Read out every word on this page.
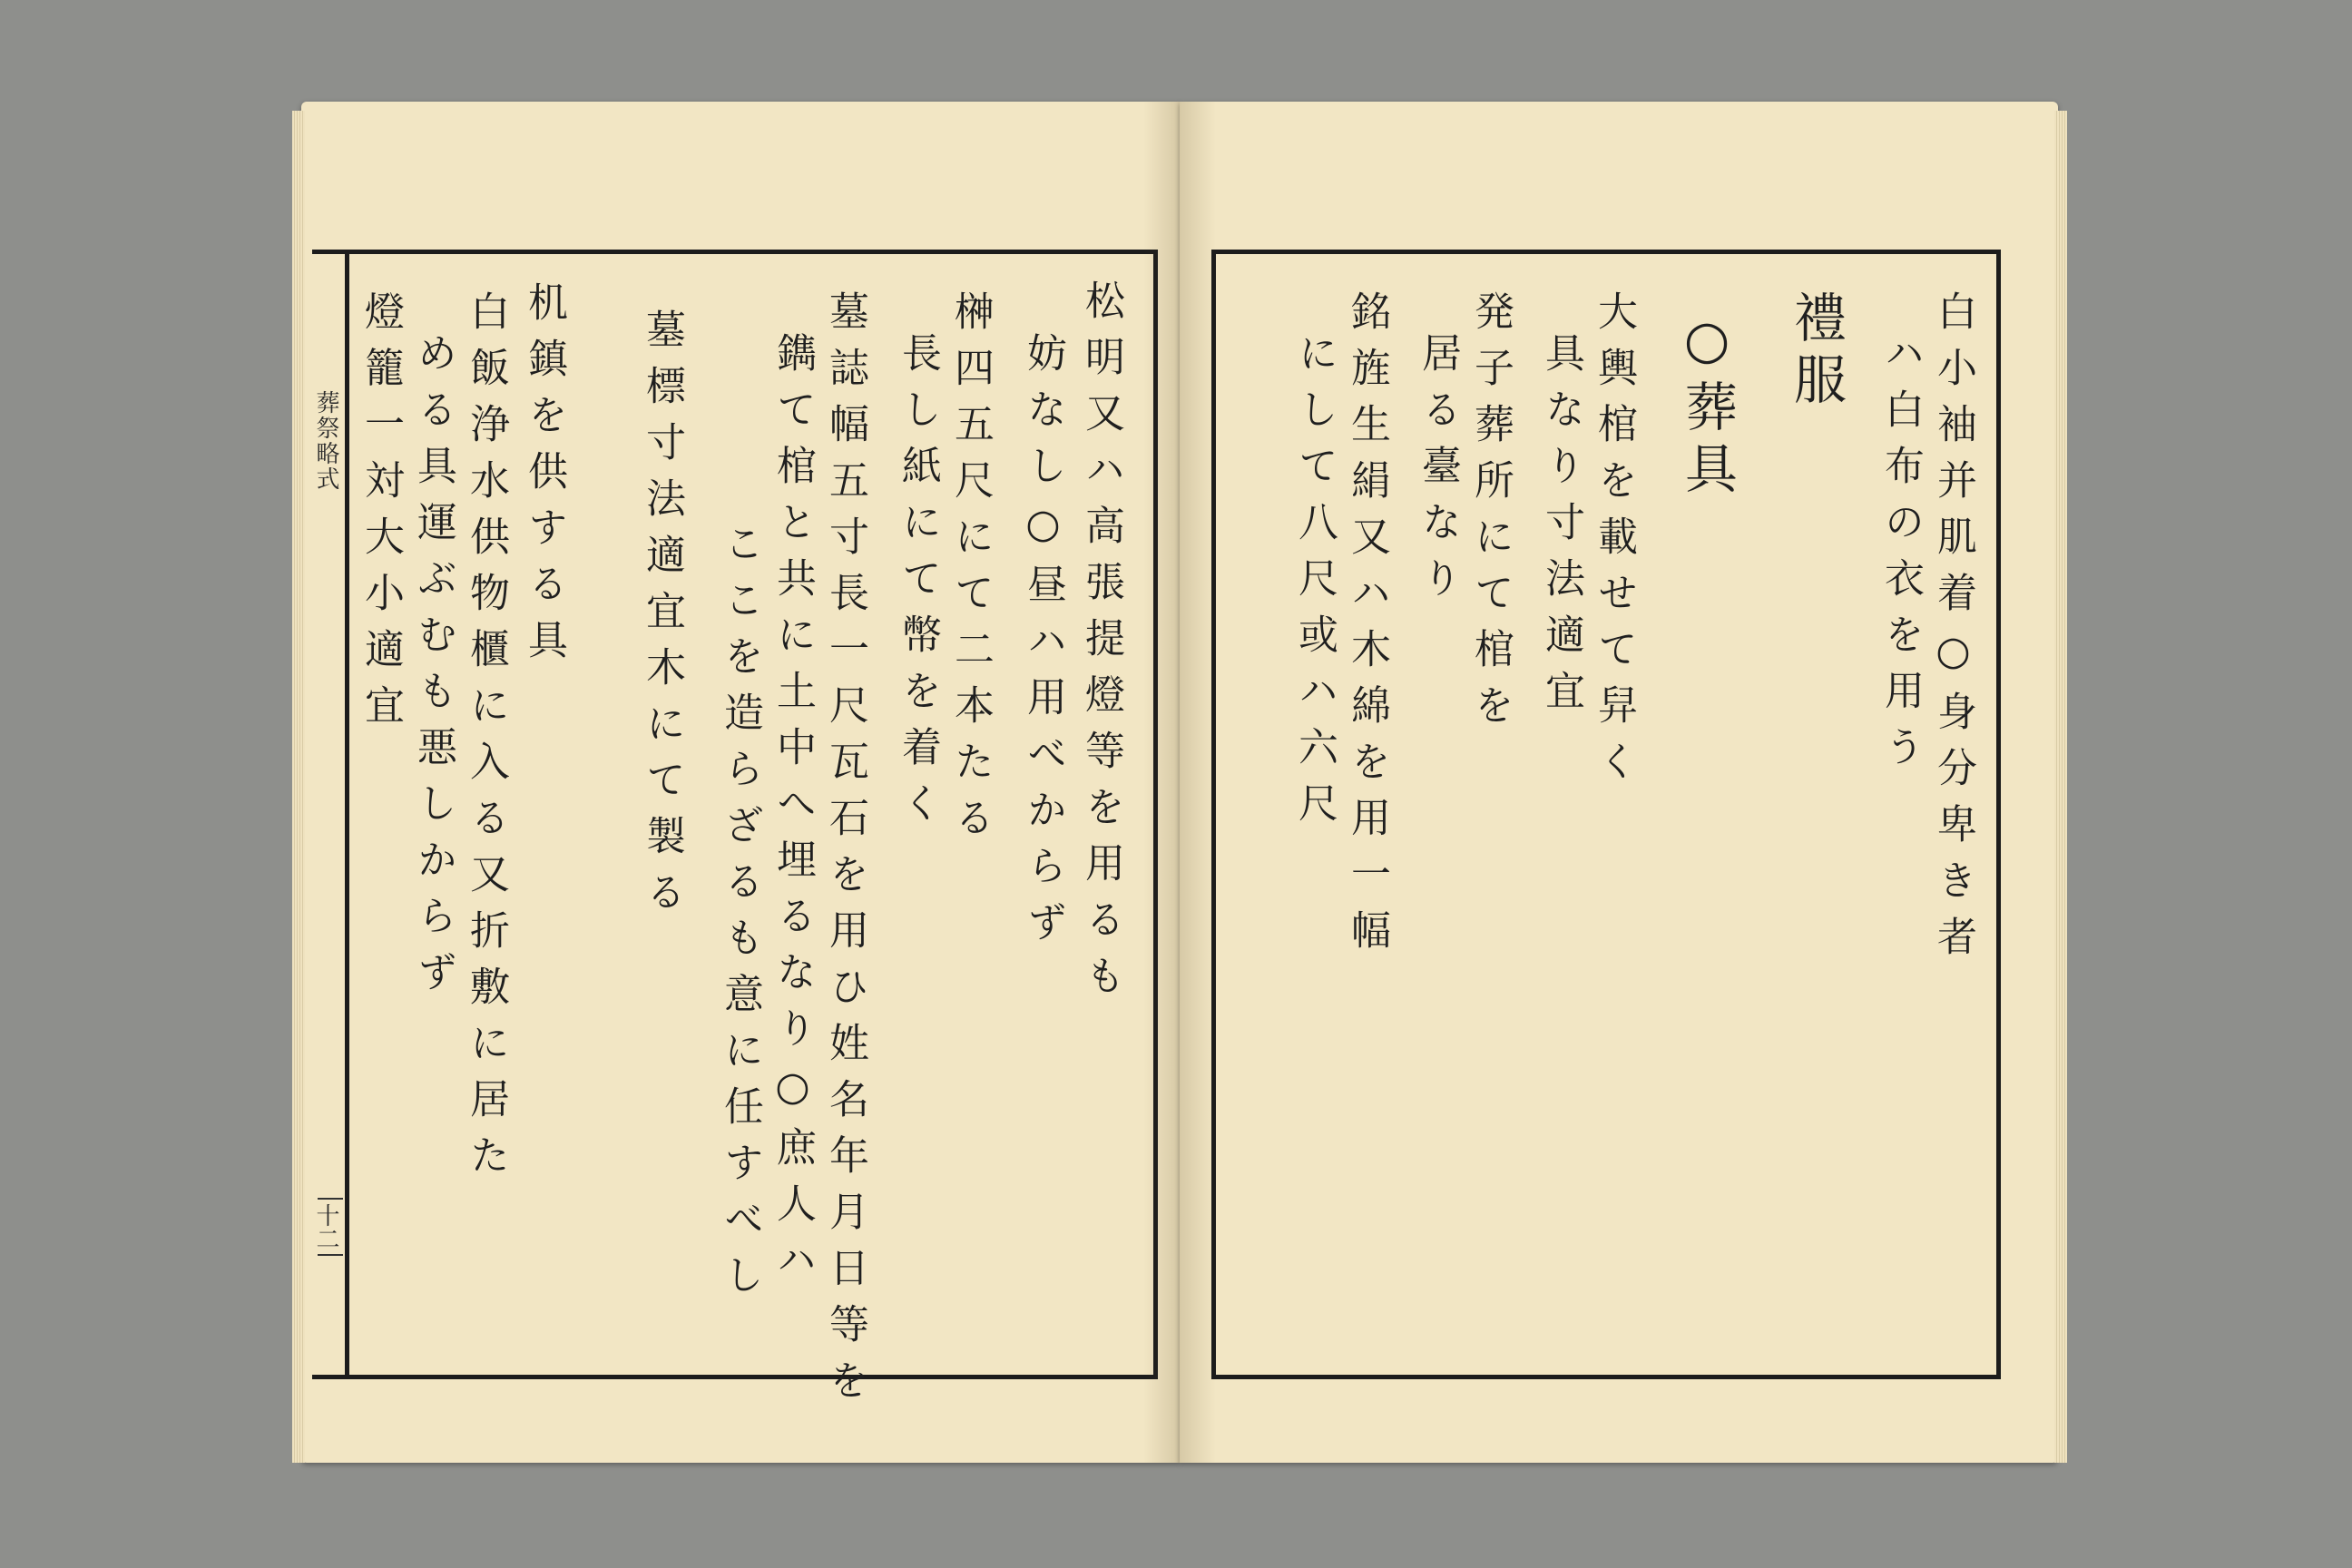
葬祭略式
十二
松明又ハ高張提燈等を用るも
妨なし○昼ハ用べからず
榊四五尺にて二本たる
長し紙にて幣を着く
墓誌幅五寸長一尺瓦石を用ひ姓名年月日等を
鐫て棺と共に土中へ埋るなり○庶人ハ
ここを造らざるも意に任すべし
墓標寸法適宜木にて製る
机鎮を供する具
白飯浄水供物櫃に入る又折敷に居た
める具運ぶむも悪しからず
燈籠一対大小適宜	白小袖并肌着○身分卑き者
ハ白布の衣を用う
禮服
○葬具
大輿棺を載せて舁く
具なり寸法適宜
発子葬所にて棺を
居る臺なり
銘旌生絹又ハ木綿を用一幅
にして八尺或ハ六尺
